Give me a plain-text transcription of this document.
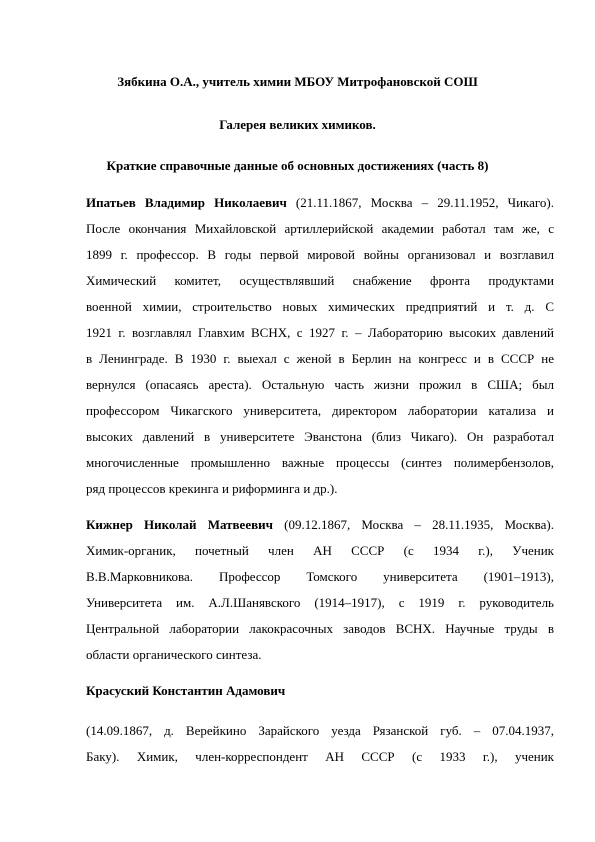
Зябкина О.А., учитель химии МБОУ Митрофановской СОШ
Галерея великих химиков.
Краткие справочные данные об основных достижениях (часть 8)
Ипатьев Владимир Николаевич (21.11.1867, Москва – 29.11.1952, Чикаго).
После окончания Михайловской артиллерийской академии работал там же, с
1899 г. профессор. В годы первой мировой войны организовал и возглавил
Химический комитет, осуществлявший снабжение фронта продуктами
военной химии, строительство новых химических предприятий и т. д. С
1921 г. возглавлял Главхим ВСНХ, с 1927 г. – Лабораторию высоких давлений
в Ленинграде. В 1930 г. выехал с женой в Берлин на конгресс и в СССР не
вернулся (опасаясь ареста). Остальную часть жизни прожил в США; был
профессором Чикагского университета, директором лаборатории катализа и
высоких давлений в университете Эванстона (близ Чикаго). Он разработал
многочисленные промышленно важные процессы (синтез полимербензолов,
ряд процессов крекинга и риформинга и др.).
Кижнер Николай Матвеевич (09.12.1867, Москва – 28.11.1935, Москва).
Химик-органик, почетный член АН СССР (с 1934 г.), Ученик
В.В.Марковникова. Профессор Томского университета (1901–1913),
Университета им. А.Л.Шанявского (1914–1917), с 1919 г. руководитель
Центральной лаборатории лакокрасочных заводов ВСНХ. Научные труды в
области органического синтеза.
Красуский Константин Адамович
(14.09.1867, д. Верейкино Зарайского уезда Рязанской губ. – 07.04.1937,
Баку). Химик, член-корреспондент АН СССР (с 1933 г.), ученик
